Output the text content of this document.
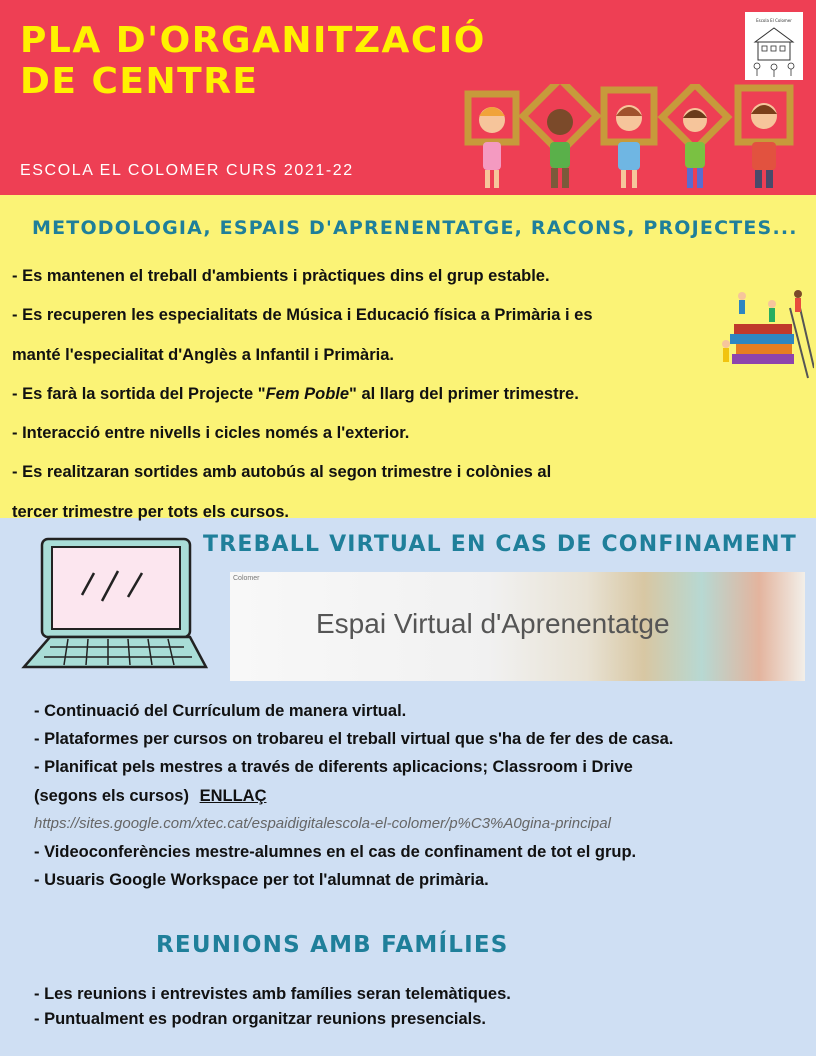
PLA D'ORGANITZACIÓ
DE CENTRE
ESCOLA EL COLOMER CURS 2021-22
Escola El Colomer
METODOLOGIA, ESPAIS D'APRENENTATGE, RACONS, PROJECTES...
- Es mantenen el treball d'ambients i pràctiques dins el grup estable.
- Es recuperen les especialitats de Música i Educació física a Primària i es
manté l'especialitat d'Anglès a Infantil i Primària.
- Es farà la sortida del Projecte "Fem Poble" al llarg del primer trimestre.
- Interacció entre nivells i cicles només a l'exterior.
- Es realitzaran sortides amb autobús al segon trimestre i colònies al
tercer trimestre per tots els cursos.
TREBALL VIRTUAL EN CAS DE CONFINAMENT
Colomer
Espai Virtual d'Aprenentatge
- Continuació del Currículum de manera virtual.
- Plataformes per cursos on trobareu el treball virtual que s'ha de fer des de casa.
- Planificat pels mestres a través de diferents aplicacions; Classroom i Drive
(segons els cursos) ENLLAÇ
https://sites.google.com/xtec.cat/espaidigitalescola-el-colomer/p%C3%A0gina-principal
- Videoconferències mestre-alumnes en el cas de confinament de tot el grup.
- Usuaris Google Workspace per tot l'alumnat de primària.
REUNIONS AMB FAMÍLIES
- Les reunions i entrevistes amb famílies seran telemàtiques.
- Puntualment es podran organitzar reunions presencials.
